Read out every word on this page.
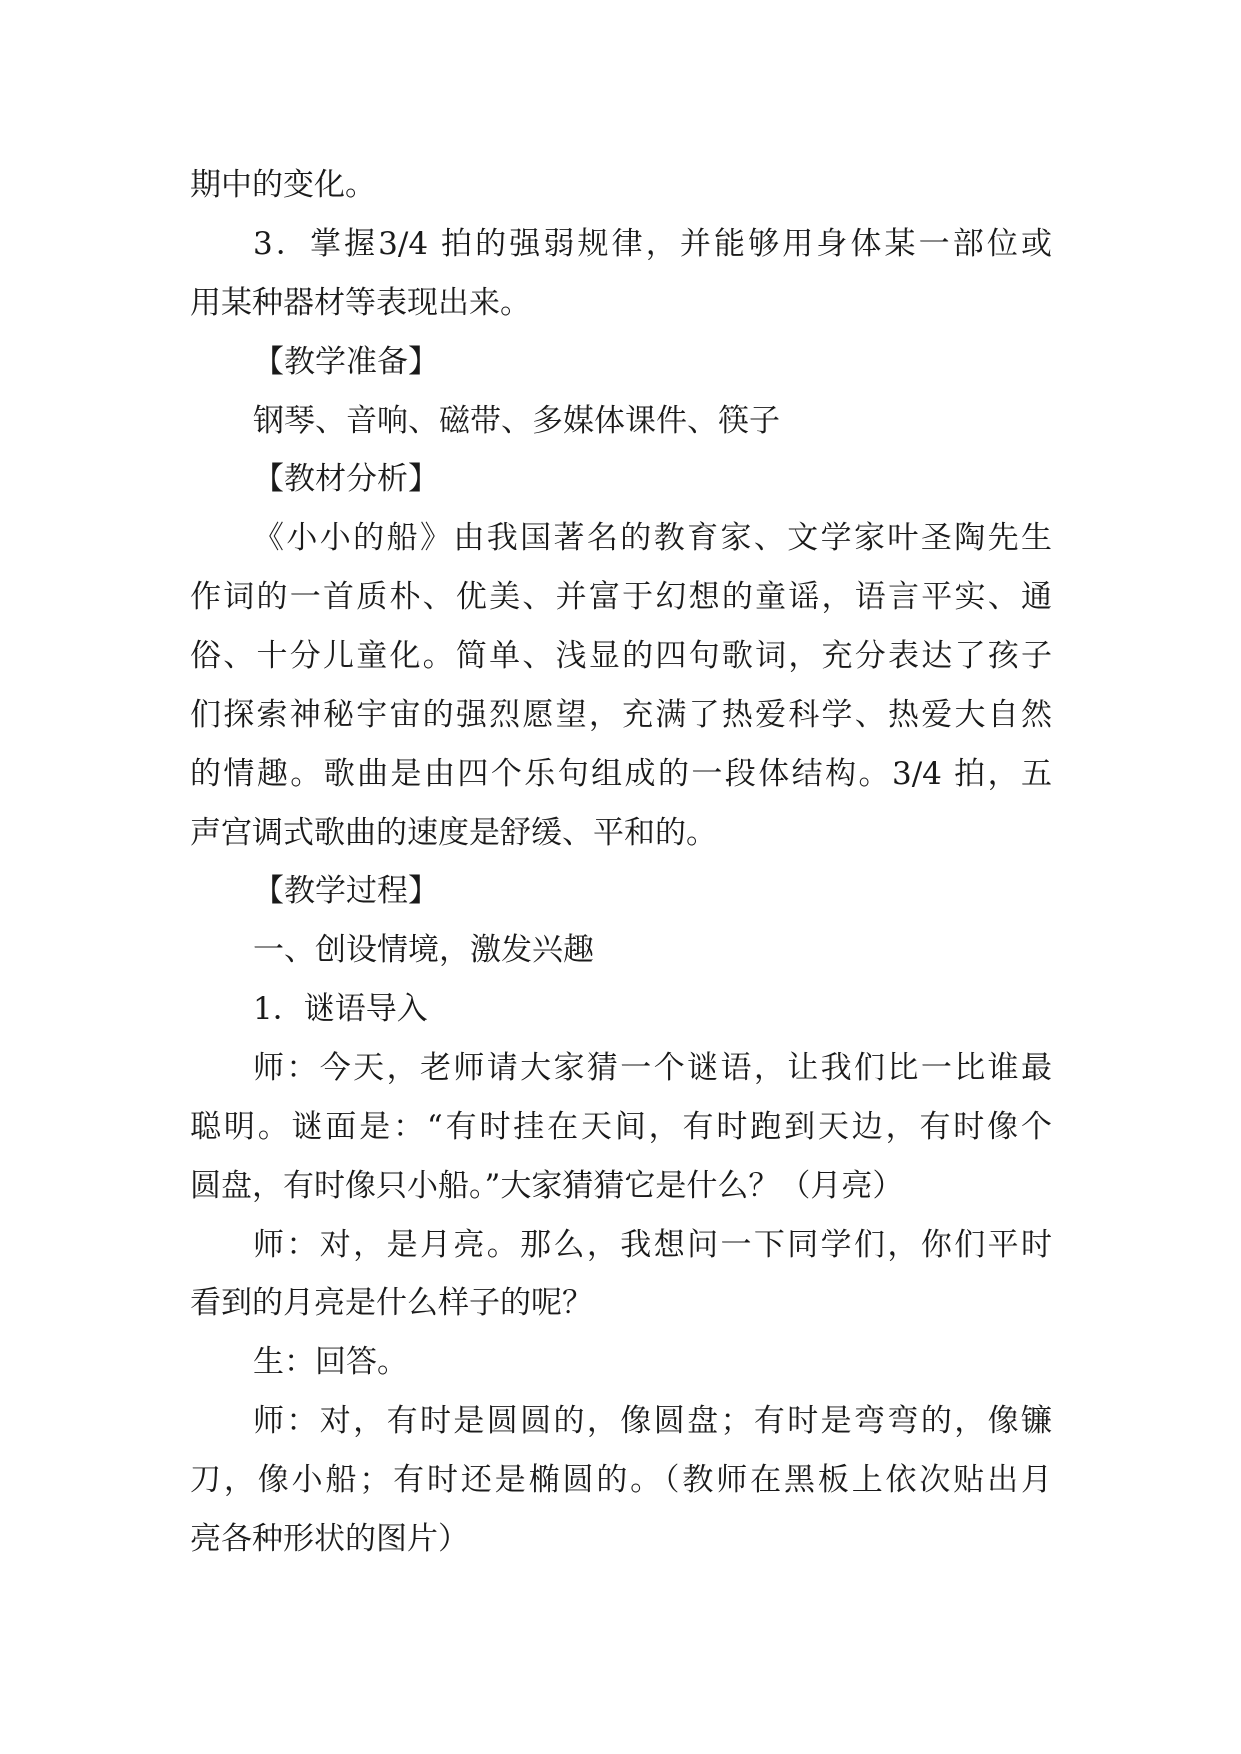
期中的变化。
3．掌握3/4 拍的强弱规律，并能够用身体某一部位或
用某种器材等表现出来。
【教学准备】
钢琴、音响、磁带、多媒体课件、筷子
【教材分析】
《小小的船》由我国著名的教育家、文学家叶圣陶先生
作词的一首质朴、优美、并富于幻想的童谣，语言平实、通
俗、十分儿童化。简单、浅显的四句歌词，充分表达了孩子
们探索神秘宇宙的强烈愿望，充满了热爱科学、热爱大自然
的情趣。歌曲是由四个乐句组成的一段体结构。3/4 拍，五
声宫调式歌曲的速度是舒缓、平和的。
【教学过程】
一、创设情境，激发兴趣
1．谜语导入
师：今天，老师请大家猜一个谜语，让我们比一比谁最
聪明。谜面是：“有时挂在天间，有时跑到天边，有时像个
圆盘，有时像只小船。”大家猜猜它是什么？（月亮）
师：对，是月亮。那么，我想问一下同学们，你们平时
看到的月亮是什么样子的呢？
生：回答。
师：对，有时是圆圆的，像圆盘；有时是弯弯的，像镰
刀，像小船；有时还是椭圆的。（教师在黑板上依次贴出月
亮各种形状的图片）
